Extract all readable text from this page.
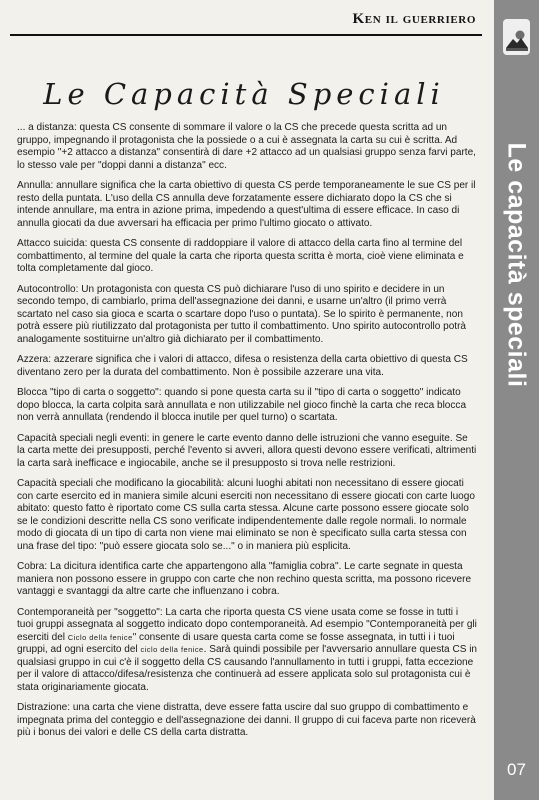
Ken il guerriero
Le capacità speciali
07
Le Capacità Speciali

... a distanza: questa CS consente di sommare il valore o la CS che precede questa scritta ad un gruppo, impegnando il protagonista che la possiede o a cui è assegnata la carta su cui è scritta. Ad esempio "+2 attacco a distanza" consentirà di dare +2 attacco ad un qualsiasi gruppo senza farvi parte, lo stesso vale per "doppi danni a distanza" ecc.

Annulla: annullare significa che la carta obiettivo di questa CS perde temporaneamente le sue CS per il resto della puntata. L'uso della CS annulla deve forzatamente essere dichiarato dopo la CS che si intende annullare, ma entra in azione prima, impedendo a quest'ultima di essere efficace. In caso di annulla giocati da due avversari ha efficacia per primo l'ultimo giocato o attivato.

Attacco suicida: questa CS consente di raddoppiare il valore di attacco della carta fino al termine del combattimento, al termine del quale la carta che riporta questa scritta è morta, cioè viene eliminata e tolta completamente dal gioco.

Autocontrollo: Un protagonista con questa CS può dichiarare l'uso di uno spirito e decidere in un secondo tempo, di cambiarlo, prima dell'assegnazione dei danni, e usarne un'altro (il primo verrà scartato nel caso sia gioca e scarta o scartare dopo l'uso o puntata). Se lo spirito è permanente, non potrà essere più riutilizzato dal protagonista per tutto il combattimento. Uno spirito autocontrollo potrà analogamente sostituirne un'altro già dichiarato per il combattimento.

Azzera: azzerare significa che i valori di attacco, difesa o resistenza della carta obiettivo di questa CS diventano zero per la durata del combattimento. Non è possibile azzerare una vita.

Blocca "tipo di carta o soggetto": quando si pone questa carta su il "tipo di carta o soggetto" indicato dopo blocca, la carta colpita sarà annullata e non utilizzabile nel gioco finchè la carta che reca blocca non verrà annullata (rendendo il blocca inutile per quel turno) o scartata.

Capacità speciali negli eventi: in genere le carte evento danno delle istruzioni che vanno eseguite. Se la carta mette dei presupposti, perché l'evento si avveri, allora questi devono essere verificati, altrimenti la carta sarà inefficace e ingiocabile, anche se il presupposto si trova nelle restrizioni.

Capacità speciali che modificano la giocabilità: alcuni luoghi abitati non necessitano di essere giocati con carte esercito ed in maniera simile alcuni eserciti non necessitano di essere giocati con carte luogo abitato: questo fatto è riportato come CS sulla carta stessa. Alcune carte possono essere giocate solo se le condizioni descritte nella CS sono verificate indipendentemente dalle regole normali. Io normale modo di giocata di un tipo di carta non viene mai eliminato se non è specificato sulla carta stessa con una frase del tipo: "può essere giocata solo se..." o in maniera più esplicita.

Cobra: La dicitura identifica carte che appartengono alla "famiglia cobra". Le carte segnate in questa maniera non possono essere in gruppo con carte che non rechino questa scritta, ma possono ricevere vantaggi e svantaggi da altre carte che influenzano i cobra.

Contemporaneità per "soggetto": La carta che riporta questa CS viene usata come se fosse in tutti i tuoi gruppi assegnata al soggetto indicato dopo contemporaneità. Ad esempio "Contemporaneità per gli eserciti del Ciclo della fenice" consente di usare questa carta come se fosse assegnata, in tutti i i tuoi gruppi, ad ogni esercito del ciclo della fenice. Sarà quindi possibile per l'avversario annullare questa CS in qualsiasi gruppo in cui c'è il soggetto della CS causando l'annullamento in tutti i gruppi, fatta eccezione per il valore di attacco/difesa/resistenza che continuerà ad essere applicata solo sul protagonista cui è stata originariamente giocata.

Distrazione: una carta che viene distratta, deve essere fatta uscire dal suo gruppo di combattimento e impegnata prima del conteggio e dell'assegnazione dei danni. Il gruppo di cui faceva parte non riceverà più i bonus dei valori e delle CS della carta distratta.
